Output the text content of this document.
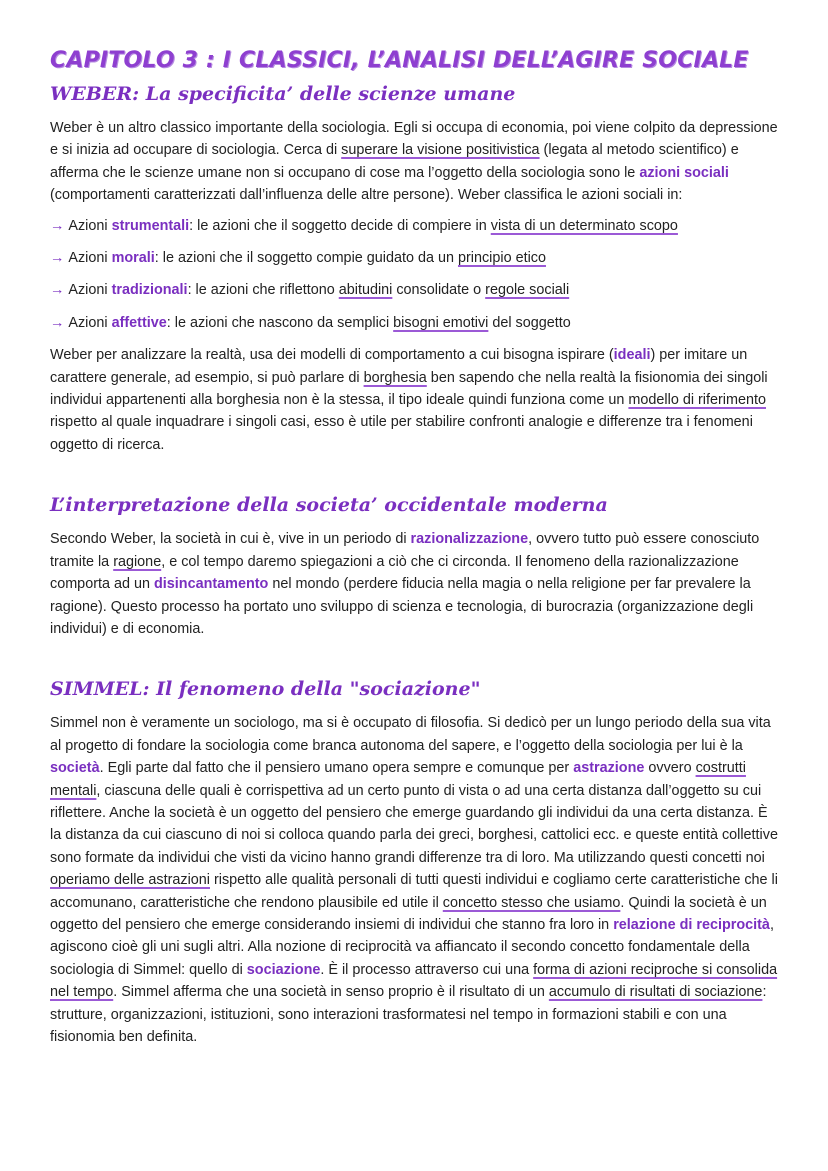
CAPITOLO 3 : I CLASSICI, L’ANALISI DELL’AGIRE SOCIALE
WEBER: La specificita’ delle scienze umane

Weber è un altro classico importante della sociologia. Egli si occupa di economia, poi viene colpito da depressione e si inizia ad occupare di sociologia. Cerca di superare la visione positivistica (legata al metodo scientifico) e afferma che le scienze umane non si occupano di cose ma l’oggetto della sociologia sono le azioni sociali (comportamenti caratterizzati dall’influenza delle altre persone). Weber classifica le azioni sociali in:

→ Azioni strumentali: le azioni che il soggetto decide di compiere in vista di un determinato scopo
→ Azioni morali: le azioni che il soggetto compie guidato da un principio etico
→ Azioni tradizionali: le azioni che riflettono abitudini consolidate o regole sociali
→ Azioni affettive: le azioni che nascono da semplici bisogni emotivi del soggetto

Weber per analizzare la realtà, usa dei modelli di comportamento a cui bisogna ispirare (ideali) per imitare un carattere generale, ad esempio, si può parlare di borghesia ben sapendo che nella realtà la fisionomia dei singoli individui appartenenti alla borghesia non è la stessa, il tipo ideale quindi funziona come un modello di riferimento rispetto al quale inquadrare i singoli casi, esso è utile per stabilire confronti analogie e differenze tra i fenomeni oggetto di ricerca.

L’interpretazione della societa’ occidentale moderna

Secondo Weber, la società in cui è, vive in un periodo di razionalizzazione, ovvero tutto può essere conosciuto tramite la ragione, e col tempo daremo spiegazioni a ciò che ci circonda. Il fenomeno della razionalizzazione comporta ad un disincantamento nel mondo (perdere fiducia nella magia o nella religione per far prevalere la ragione). Questo processo ha portato uno sviluppo di scienza e tecnologia, di burocrazia (organizzazione degli individui) e di economia.

SIMMEL: Il fenomeno della "sociazione"

Simmel non è veramente un sociologo, ma si è occupato di filosofia. Si dedicò per un lungo periodo della sua vita al progetto di fondare la sociologia come branca autonoma del sapere, e l’oggetto della sociologia per lui è la società. Egli parte dal fatto che il pensiero umano opera sempre e comunque per astrazione ovvero costrutti mentali, ciascuna delle quali è corrispettiva ad un certo punto di vista o ad una certa distanza dall’oggetto su cui riflettere. Anche la società è un oggetto del pensiero che emerge guardando gli individui da una certa distanza. È la distanza da cui ciascuno di noi si colloca quando parla dei greci, borghesi, cattolici ecc. e queste entità collettive sono formate da individui che visti da vicino hanno grandi differenze tra di loro. Ma utilizzando questi concetti noi operiamo delle astrazioni rispetto alle qualità personali di tutti questi individui e cogliamo certe caratteristiche che li accomunano, caratteristiche che rendono plausibile ed utile il concetto stesso che usiamo. Quindi la società è un oggetto del pensiero che emerge considerando insiemi di individui che stanno fra loro in relazione di reciprocità, agiscono cioè gli uni sugli altri. Alla nozione di reciprocità va affiancato il secondo concetto fondamentale della sociologia di Simmel: quello di sociazione. È il processo attraverso cui una forma di azioni reciproche si consolida nel tempo. Simmel afferma che una società in senso proprio è il risultato di un accumulo di risultati di sociazione: strutture, organizzazioni, istituzioni, sono interazioni trasformatesi nel tempo in formazioni stabili e con una fisionomia ben definita.
